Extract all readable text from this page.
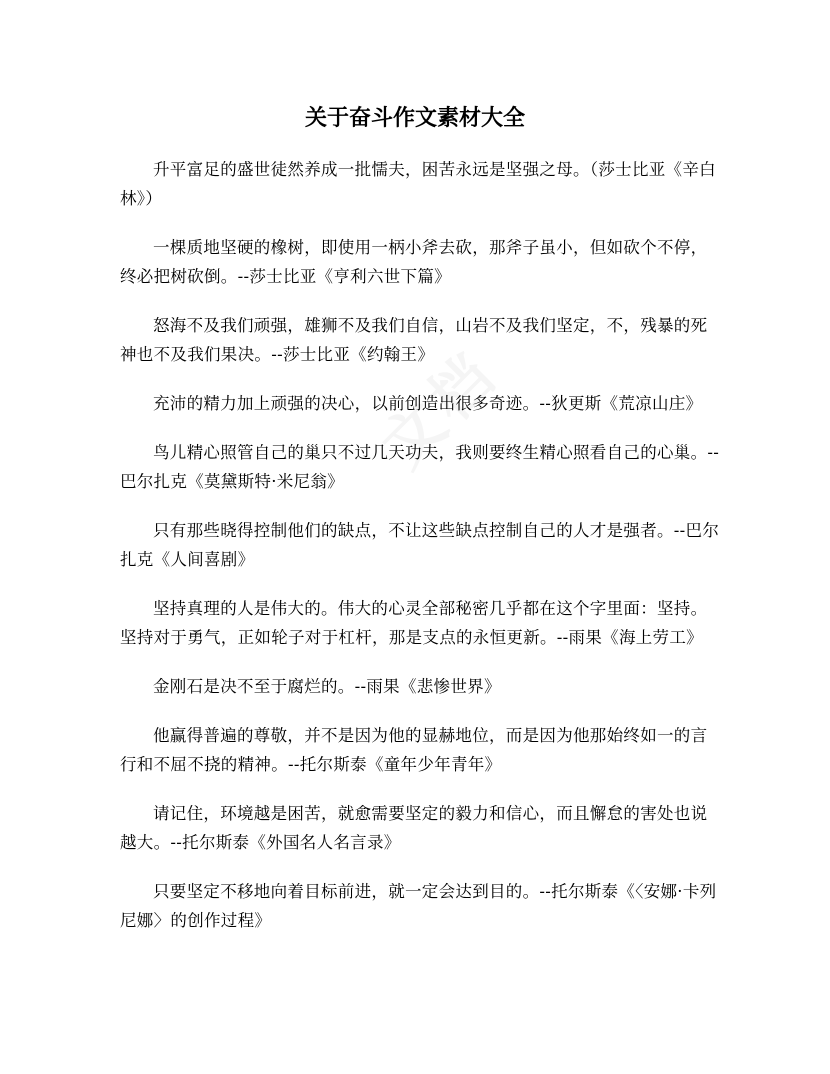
关于奋斗作文素材大全

升平富足的盛世徒然养成一批懦夫，困苦永远是坚强之母。（莎士比亚《辛白林》）

一棵质地坚硬的橡树，即使用一柄小斧去砍，那斧子虽小，但如砍个不停，终必把树砍倒。--莎士比亚《亨利六世下篇》

怒海不及我们顽强，雄狮不及我们自信，山岩不及我们坚定，不，残暴的死神也不及我们果决。--莎士比亚《约翰王》

充沛的精力加上顽强的决心，以前创造出很多奇迹。--狄更斯《荒凉山庄》

鸟儿精心照管自己的巢只不过几天功夫，我则要终生精心照看自己的心巢。--巴尔扎克《莫黛斯特·米尼翁》

只有那些晓得控制他们的缺点，不让这些缺点控制自己的人才是强者。--巴尔扎克《人间喜剧》

坚持真理的人是伟大的。伟大的心灵全部秘密几乎都在这个字里面：坚持。坚持对于勇气，正如轮子对于杠杆，那是支点的永恒更新。--雨果《海上劳工》

金刚石是决不至于腐烂的。--雨果《悲惨世界》

他赢得普遍的尊敬，并不是因为他的显赫地位，而是因为他那始终如一的言行和不屈不挠的精神。--托尔斯泰《童年少年青年》

请记住，环境越是困苦，就愈需要坚定的毅力和信心，而且懈怠的害处也说越大。--托尔斯泰《外国名人名言录》

只要坚定不移地向着目标前进，就一定会达到目的。--托尔斯泰《〈安娜·卡列尼娜〉的创作过程》
